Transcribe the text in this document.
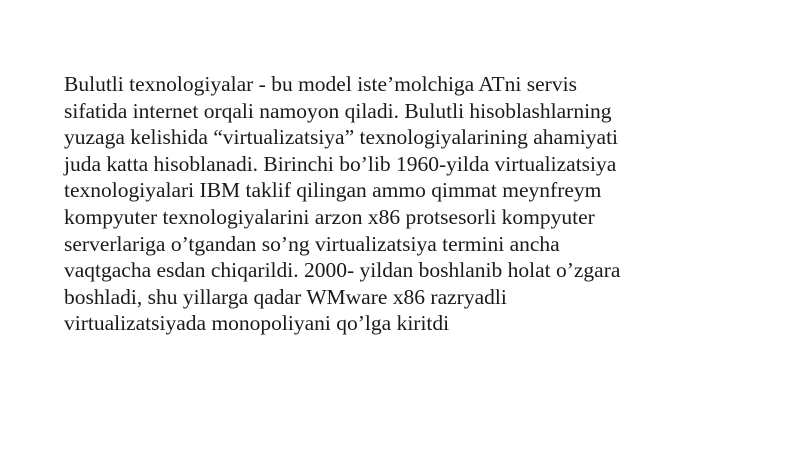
Bulutli texnologiyalar - bu model iste’molchiga ATni servis
sifatida internet orqali namoyon qiladi. Bulutli hisoblashlarning
yuzaga kelishida “virtualizatsiya” texnologiyalarining ahamiyati
juda katta hisoblanadi. Birinchi bo’lib 1960-yilda virtualizatsiya
texnologiyalari IBM taklif qilingan ammo qimmat meynfreym
kompyuter texnologiyalarini arzon x86 protsesorli kompyuter
serverlariga o’tgandan so’ng virtualizatsiya termini ancha
vaqtgacha esdan chiqarildi. 2000- yildan boshlanib holat o’zgara
boshladi, shu yillarga qadar WMware x86 razryadli
virtualizatsiyada monopoliyani qo’lga kiritdi
